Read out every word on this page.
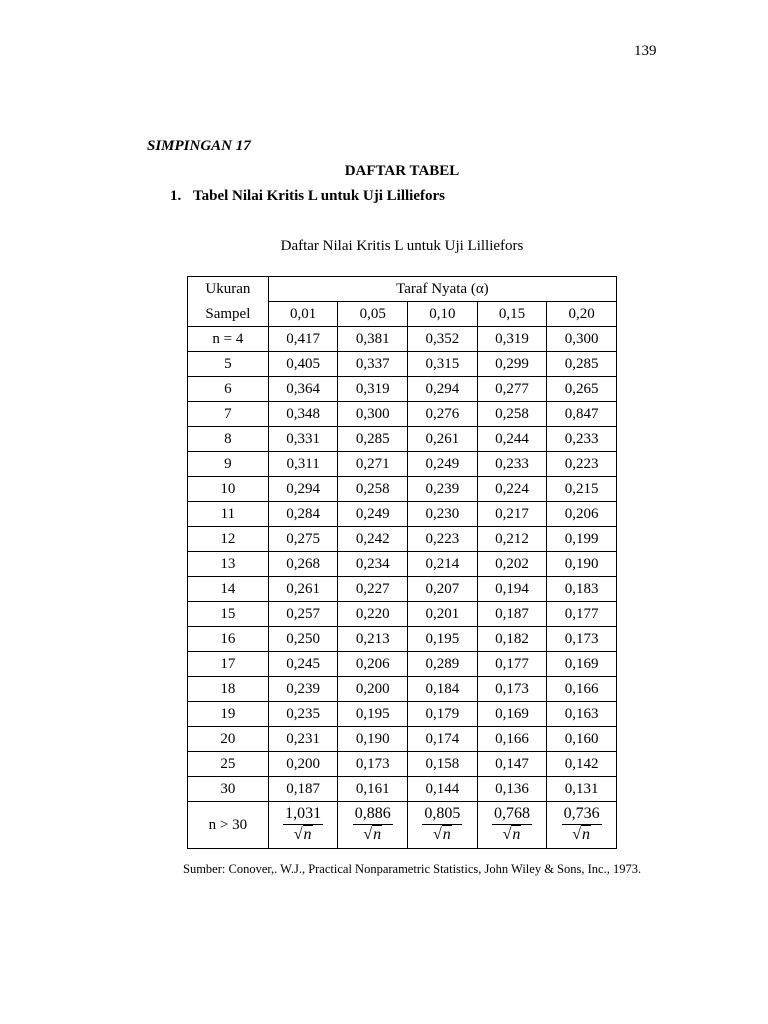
139
SIMPINGAN 17
DAFTAR TABEL
1. Tabel Nilai Kritis L untuk Uji Lilliefors
Daftar Nilai Kritis L untuk Uji Lilliefors
Ukuran	Taraf Nyata (α)				
Sampel	0,01	0,05	0,10	0,15	0,20
n = 4	0,417	0,381	0,352	0,319	0,300
5	0,405	0,337	0,315	0,299	0,285
6	0,364	0,319	0,294	0,277	0,265
7	0,348	0,300	0,276	0,258	0,847
8	0,331	0,285	0,261	0,244	0,233
9	0,311	0,271	0,249	0,233	0,223
10	0,294	0,258	0,239	0,224	0,215
11	0,284	0,249	0,230	0,217	0,206
12	0,275	0,242	0,223	0,212	0,199
13	0,268	0,234	0,214	0,202	0,190
14	0,261	0,227	0,207	0,194	0,183
15	0,257	0,220	0,201	0,187	0,177
16	0,250	0,213	0,195	0,182	0,173
17	0,245	0,206	0,289	0,177	0,169
18	0,239	0,200	0,184	0,173	0,166
19	0,235	0,195	0,179	0,169	0,163
20	0,231	0,190	0,174	0,166	0,160
25	0,200	0,173	0,158	0,147	0,142
30	0,187	0,161	0,144	0,136	0,131
n > 30	$\frac{1,031}{√n}$	$\frac{0,886}{√n}$	$\frac{0,805}{√n}$	$\frac{0,768}{√n}$	$\frac{0,736}{√n}$
Sumber: Conover,. W.J., Practical Nonparametric Statistics, John Wiley & Sons, Inc., 1973.
